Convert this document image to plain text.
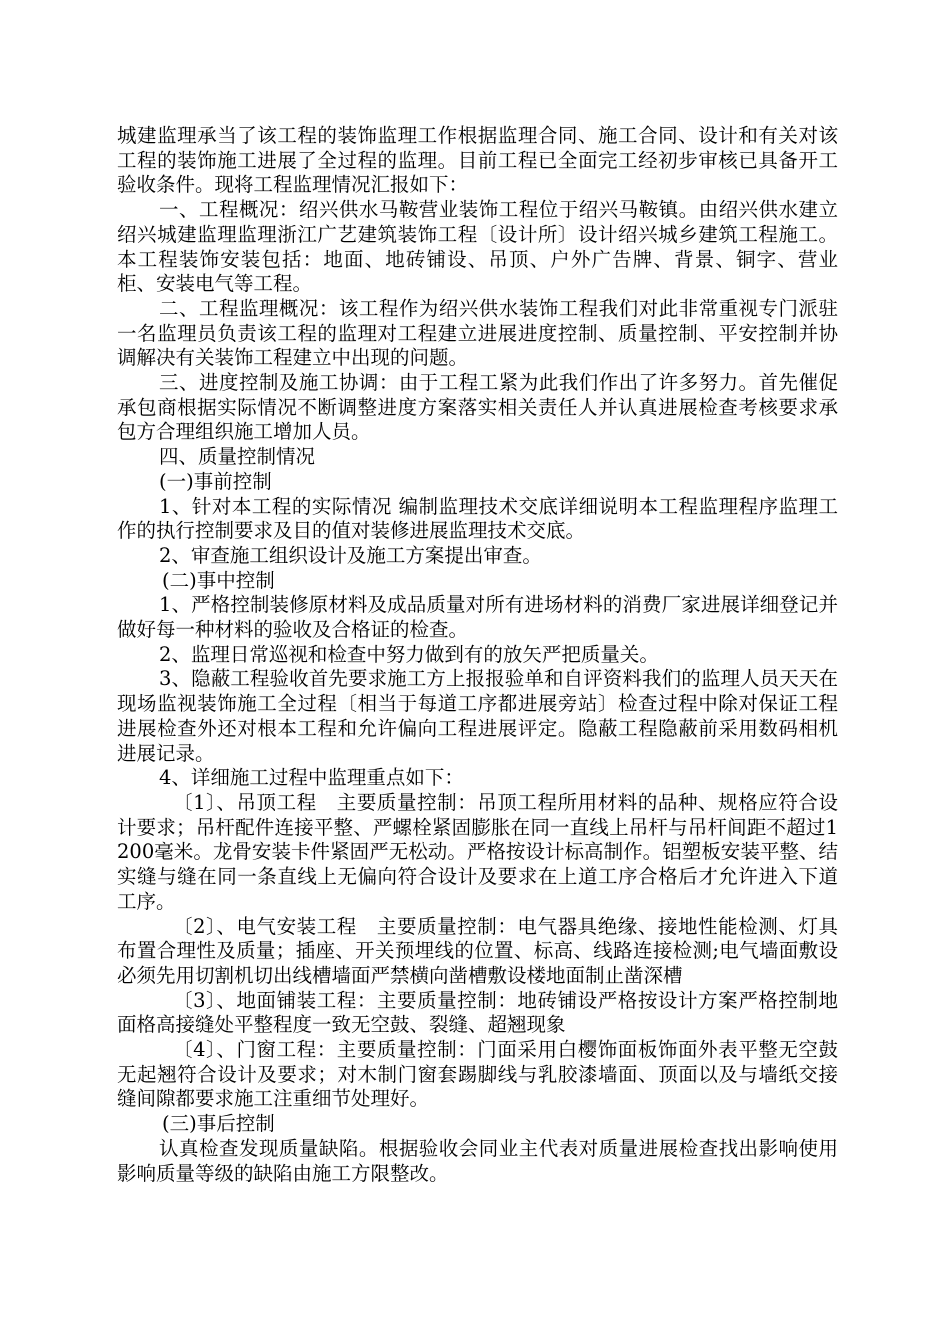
城建监理承当了该工程的装饰监理工作根据监理合同、施工合同、设计和有关对该工程的装饰施工进展了全过程的监理。目前工程已全面完工经初步审核已具备开工验收条件。现将工程监理情况汇报如下：

一、工程概况：绍兴供水马鞍营业装饰工程位于绍兴马鞍镇。由绍兴供水建立绍兴城建监理监理浙江广艺建筑装饰工程〔设计所〕设计绍兴城乡建筑工程施工。本工程装饰安装包括：地面、地砖铺设、吊顶、户外广告牌、背景、铜字、营业柜、安装电气等工程。

二、工程监理概况：该工程作为绍兴供水装饰工程我们对此非常重视专门派驻一名监理员负责该工程的监理对工程建立进展进度控制、质量控制、平安控制并协调解决有关装饰工程建立中出现的问题。

三、进度控制及施工协调：由于工程工紧为此我们作出了许多努力。首先催促承包商根据实际情况不断调整进度方案落实相关责任人并认真进展检查考核要求承包方合理组织施工增加人员。

四、质量控制情况

(一)事前控制

1、针对本工程的实际情况 编制监理技术交底详细说明本工程监理程序监理工作的执行控制要求及目的值对装修进展监理技术交底。

2、审查施工组织设计及施工方案提出审查。

(二)事中控制

1、严格控制装修原材料及成品质量对所有进场材料的消费厂家进展详细登记并做好每一种材料的验收及合格证的检查。

2、监理日常巡视和检查中努力做到有的放矢严把质量关。

3、隐蔽工程验收首先要求施工方上报报验单和自评资料我们的监理人员天天在现场监视装饰施工全过程〔相当于每道工序都进展旁站〕检查过程中除对保证工程进展检查外还对根本工程和允许偏向工程进展评定。隐蔽工程隐蔽前采用数码相机进展记录。

4、详细施工过程中监理重点如下：

〔1〕、吊顶工程　主要质量控制：吊顶工程所用材料的品种、规格应符合设计要求；吊杆配件连接平整、严螺栓紧固膨胀在同一直线上吊杆与吊杆间距不超过1200毫米。龙骨安装卡件紧固严无松动。严格按设计标高制作。铝塑板安装平整、结实缝与缝在同一条直线上无偏向符合设计及要求在上道工序合格后才允许进入下道工序。

〔2〕、电气安装工程　主要质量控制：电气器具绝缘、接地性能检测、灯具布置合理性及质量；插座、开关预埋线的位置、标高、线路连接检测;电气墙面敷设必须先用切割机切出线槽墙面严禁横向凿槽敷设楼地面制止凿深槽

〔3〕、地面铺装工程：主要质量控制：地砖铺设严格按设计方案严格控制地面格高接缝处平整程度一致无空鼓、裂缝、超翘现象

〔4〕、门窗工程：主要质量控制：门面采用白樱饰面板饰面外表平整无空鼓无起翘符合设计及要求；对木制门窗套踢脚线与乳胶漆墙面、顶面以及与墙纸交接缝间隙都要求施工注重细节处理好。

(三)事后控制

认真检查发现质量缺陷。根据验收会同业主代表对质量进展检查找出影响使用影响质量等级的缺陷由施工方限整改。
